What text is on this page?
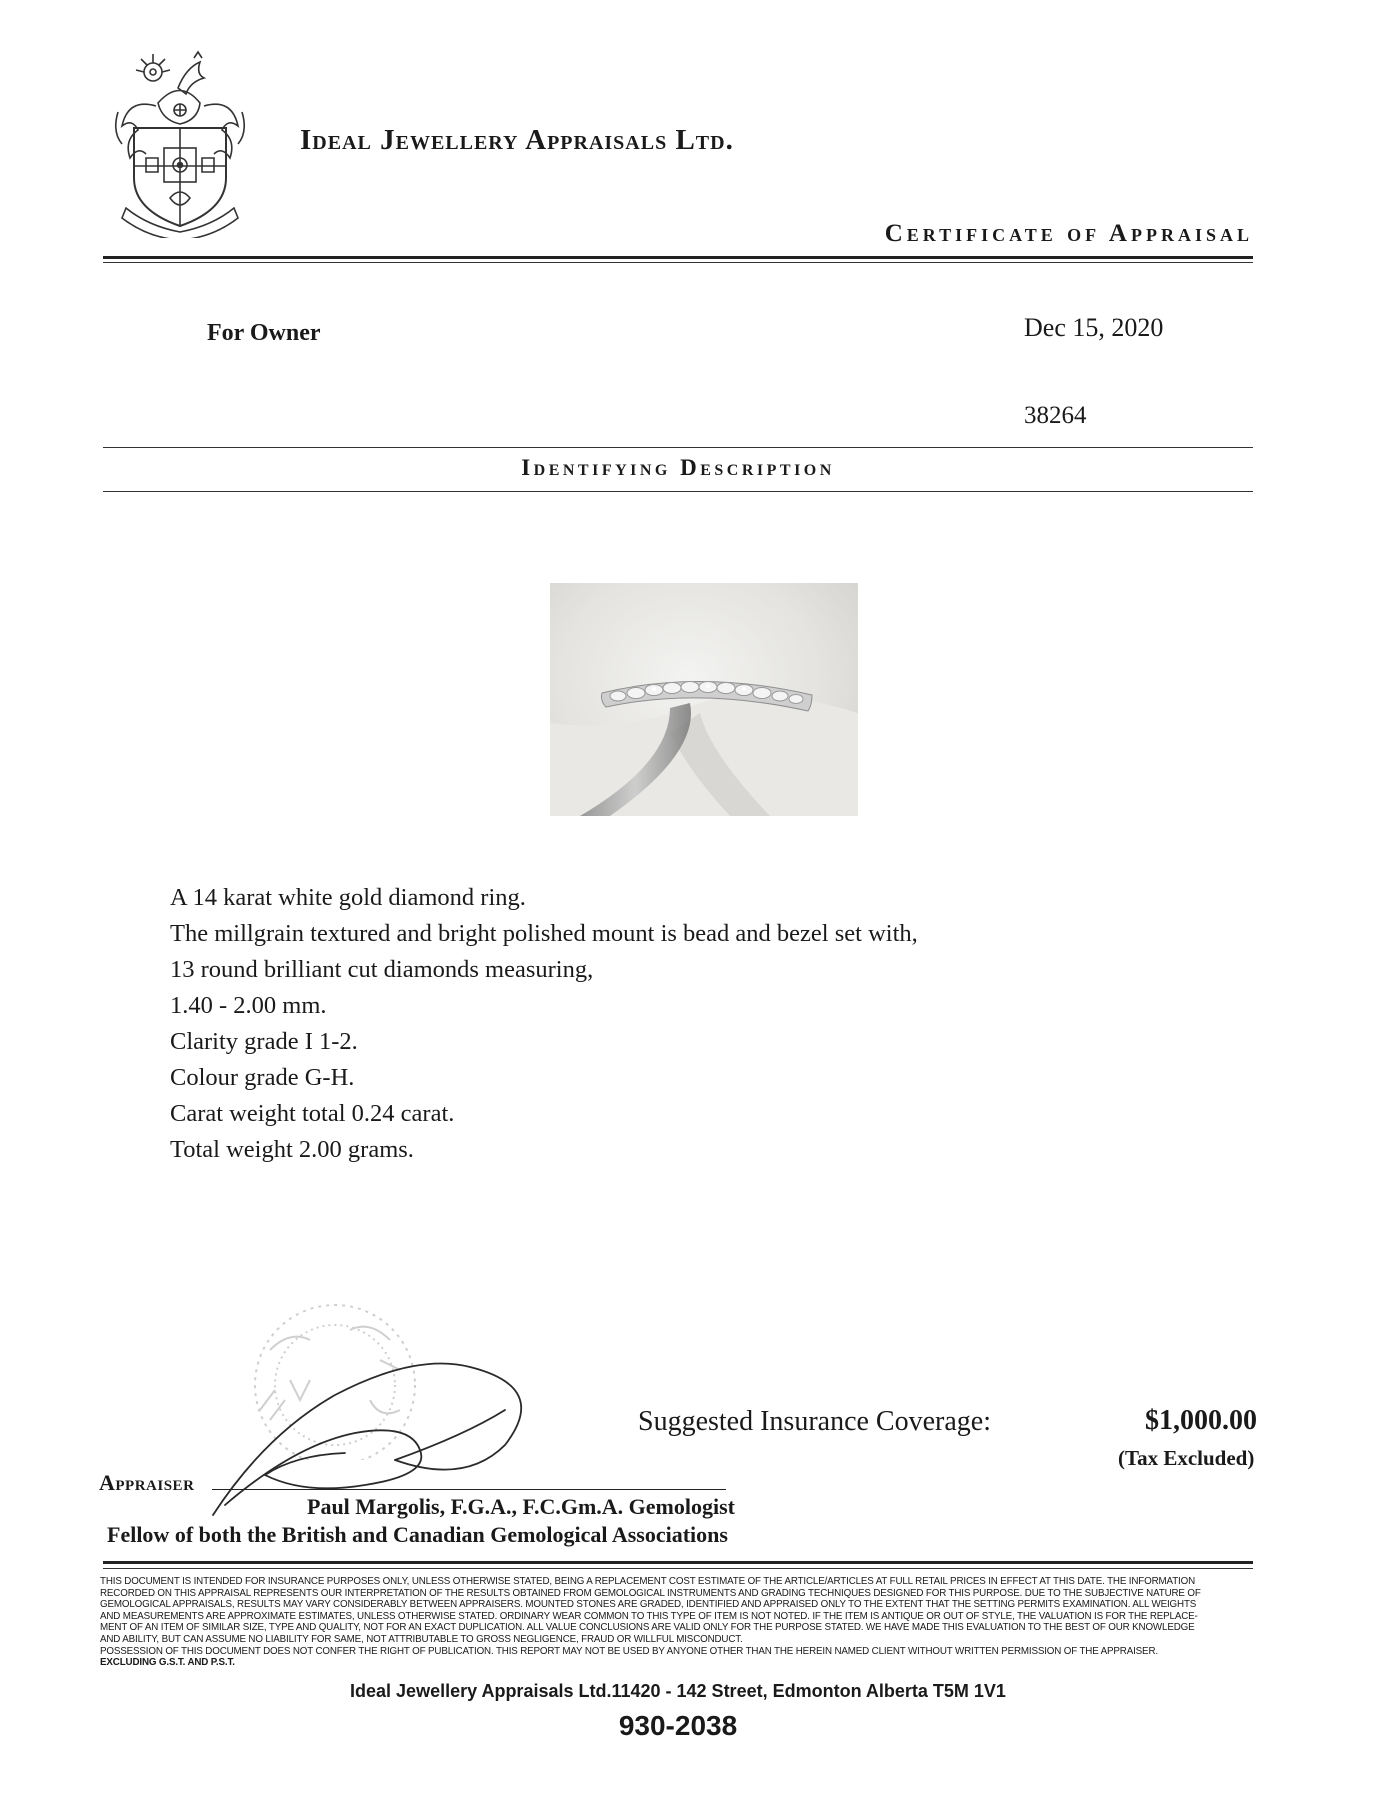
Ideal Jewellery Appraisals Ltd.
Certificate of Appraisal
For Owner	Dec 15, 2020
38264
Identifying Description
A 14 karat white gold diamond ring.
The millgrain textured and bright polished mount is bead and bezel set with,
13 round brilliant cut diamonds measuring,
1.40 - 2.00 mm.
Clarity grade I 1-2.
Colour grade G-H.
Carat weight total 0.24 carat.
Total weight 2.00 grams.
Suggested Insurance Coverage:	$1,000.00
(Tax Excluded)
Appraiser
Paul Margolis, F.G.A., F.C.Gm.A. Gemologist
Fellow of both the British and Canadian Gemological Associations
THIS DOCUMENT IS INTENDED FOR INSURANCE PURPOSES ONLY, UNLESS OTHERWISE STATED, BEING A REPLACEMENT COST ESTIMATE OF THE ARTICLE/ARTICLES AT FULL RETAIL PRICES IN EFFECT AT THIS DATE. THE INFORMATION
RECORDED ON THIS APPRAISAL REPRESENTS OUR INTERPRETATION OF THE RESULTS OBTAINED FROM GEMOLOGICAL INSTRUMENTS AND GRADING TECHNIQUES DESIGNED FOR THIS PURPOSE. DUE TO THE SUBJECTIVE NATURE OF
GEMOLOGICAL APPRAISALS, RESULTS MAY VARY CONSIDERABLY BETWEEN APPRAISERS. MOUNTED STONES ARE GRADED, IDENTIFIED AND APPRAISED ONLY TO THE EXTENT THAT THE SETTING PERMITS EXAMINATION. ALL WEIGHTS
AND MEASUREMENTS ARE APPROXIMATE ESTIMATES, UNLESS OTHERWISE STATED. ORDINARY WEAR COMMON TO THIS TYPE OF ITEM IS NOT NOTED. IF THE ITEM IS ANTIQUE OR OUT OF STYLE, THE VALUATION IS FOR THE REPLACE-
MENT OF AN ITEM OF SIMILAR SIZE, TYPE AND QUALITY, NOT FOR AN EXACT DUPLICATION. ALL VALUE CONCLUSIONS ARE VALID ONLY FOR THE PURPOSE STATED. WE HAVE MADE THIS EVALUATION TO THE BEST OF OUR KNOWLEDGE
AND ABILITY, BUT CAN ASSUME NO LIABILITY FOR SAME, NOT ATTRIBUTABLE TO GROSS NEGLIGENCE, FRAUD OR WILLFUL MISCONDUCT.
POSSESSION OF THIS DOCUMENT DOES NOT CONFER THE RIGHT OF PUBLICATION. THIS REPORT MAY NOT BE USED BY ANYONE OTHER THAN THE HEREIN NAMED CLIENT WITHOUT WRITTEN PERMISSION OF THE APPRAISER.
EXCLUDING G.S.T. AND P.S.T.
Ideal Jewellery Appraisals Ltd.11420 - 142 Street, Edmonton Alberta T5M 1V1
930-2038
